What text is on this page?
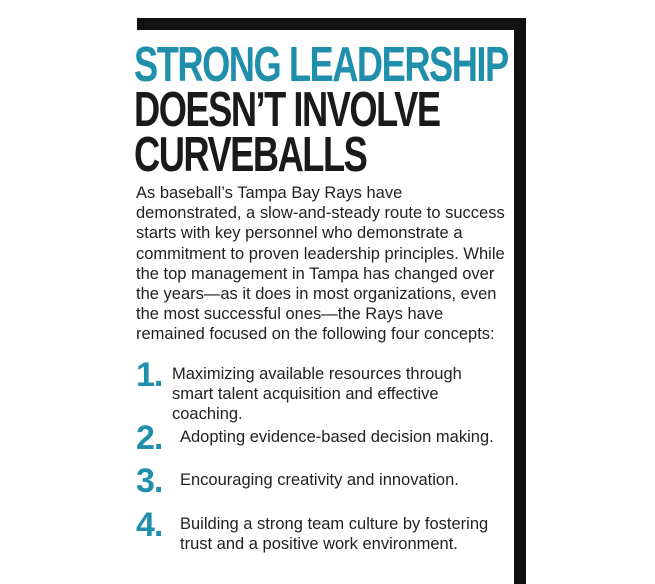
STRONG LEADERSHIP
DOESN’T INVOLVE
CURVEBALLS

As baseball’s Tampa Bay Rays have demonstrated, a slow-and-steady route to success starts with key personnel who demonstrate a commitment to proven leadership principles. While the top management in Tampa has changed over the years—as it does in most organizations, even the most successful ones—the Rays have remained focused on the following four concepts:

1. Maximizing available resources through smart talent acquisition and effective coaching.
2.	Adopting evidence-based decision making.
3.	Encouraging creativity and innovation.
4.	Building a strong team culture by fostering trust and a positive work environment.
